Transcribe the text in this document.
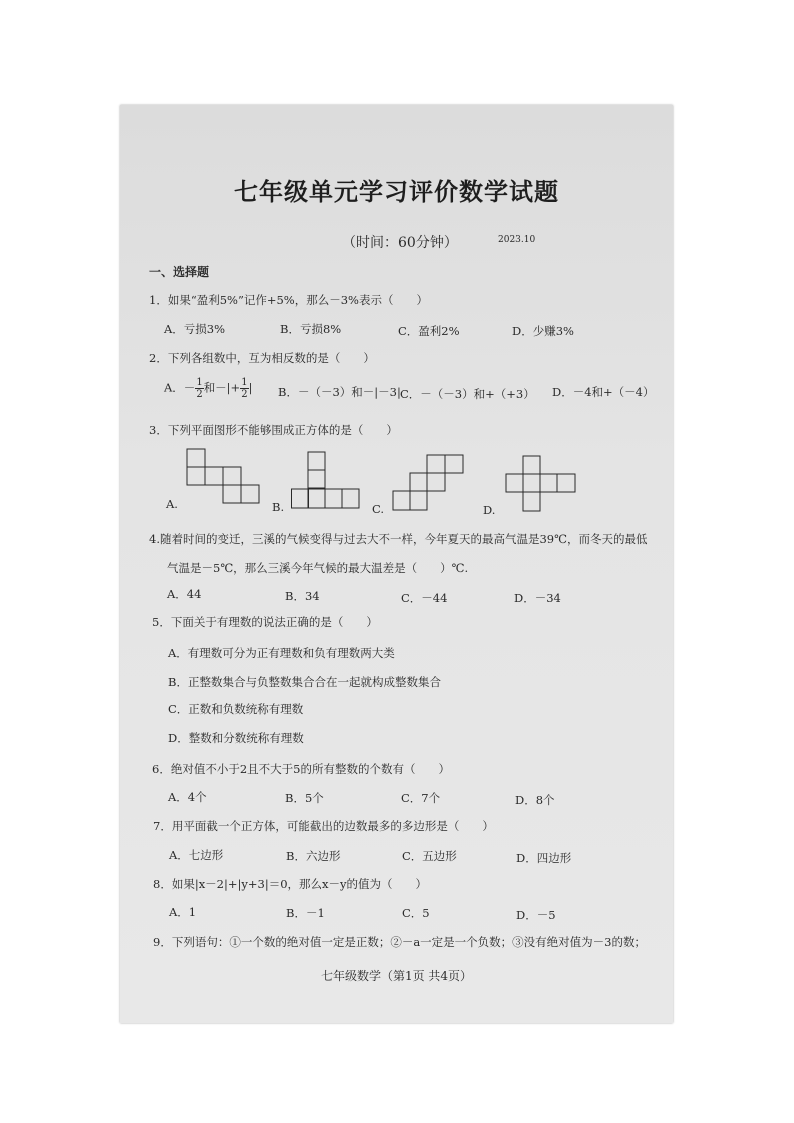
七年级单元学习评价数学试题
（时间：60分钟）	2023.10
一、选择题
1．如果“盈利5%”记作+5%，那么－3%表示（　　）
A．亏损3%	B．亏损8%	C．盈利2%	D．少赚3%
2．下列各组数中，互为相反数的是（　　）
A．－ $\frac{1}{2}$ 和－|+ $\frac{1}{2}$ | B．－（－3）和－|－3| C．－（－3）和+（+3） D．－4和+（－4）
3．下列平面图形不能够围成正方体的是（　　）
A.	B.	C.	D.
4.随着时间的变迁，三溪的气候变得与过去大不一样，今年夏天的最高气温是39℃，而冬天的最低
气温是－5℃，那么三溪今年气候的最大温差是（　　）℃.
A．44	B．34	C．－44	D．－34
5．下面关于有理数的说法正确的是（　　）
A．有理数可分为正有理数和负有理数两大类
B．正整数集合与负整数集合合在一起就构成整数集合
C．正数和负数统称有理数
D．整数和分数统称有理数
6．绝对值不小于2且不大于5的所有整数的个数有（　　）
A．4个	B．5个	C．7个	D．8个
7．用平面截一个正方体，可能截出的边数最多的多边形是（　　）
A．七边形	B．六边形	C．五边形	D．四边形
8．如果|x－2|+|y+3|＝0，那么x－y的值为（　　）
A．1	B．－1	C．5	D．－5
9．下列语句：①一个数的绝对值一定是正数；②－a一定是一个负数；③没有绝对值为－3的数；
七年级数学（第1页 共4页）
